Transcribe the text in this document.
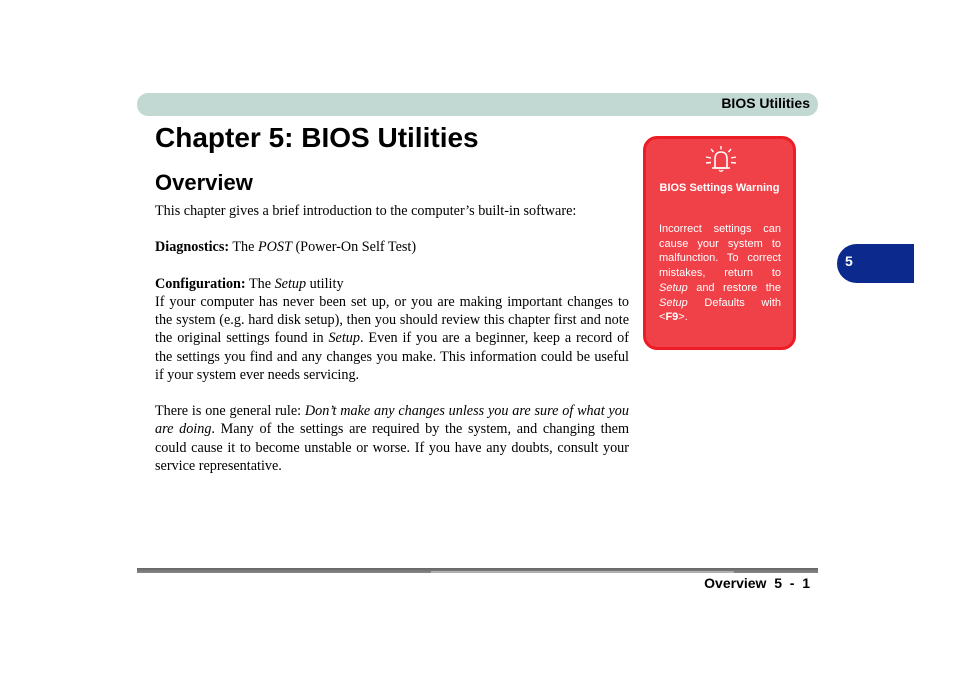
BIOS Utilities
Chapter 5: BIOS Utilities
Overview

This chapter gives a brief introduction to the computer’s built-in software:

Diagnostics: The POST (Power-On Self Test)

Configuration: The Setup utility

If your computer has never been set up, or you are making important changes to the system (e.g. hard disk setup), then you should review this chapter first and note the original settings found in Setup. Even if you are a beginner, keep a record of the settings you find and any changes you make. This information could be useful if your system ever needs servicing.

There is one general rule: Don’t make any changes unless you are sure of what you are doing. Many of the settings are required by the system, and changing them could cause it to become unstable or worse. If you have any doubts, consult your service representative.

BIOS Settings Warning
Incorrect settings can cause your system to malfunction. To correct mistakes, return to Setup and restore the Setup Defaults with <F9>.
5
Overview  5  -  1
